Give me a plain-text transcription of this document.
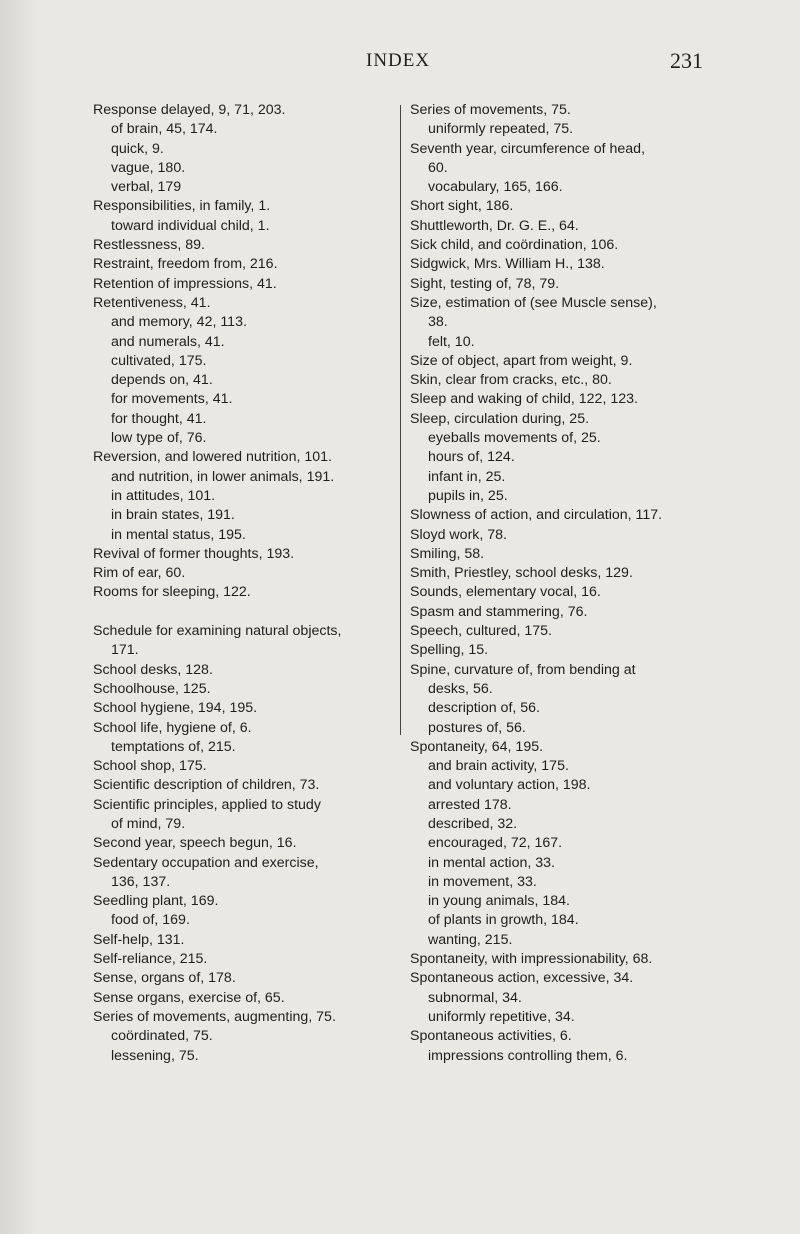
INDEX	231
Response delayed, 9, 71, 203.
of brain, 45, 174.
quick, 9.
vague, 180.
verbal, 179
Responsibilities, in family, 1.
toward individual child, 1.
Restlessness, 89.
Restraint, freedom from, 216.
Retention of impressions, 41.
Retentiveness, 41.
and memory, 42, 113.
and numerals, 41.
cultivated, 175.
depends on, 41.
for movements, 41.
for thought, 41.
low type of, 76.
Reversion, and lowered nutrition, 101.
and nutrition, in lower animals, 191.
in attitudes, 101.
in brain states, 191.
in mental status, 195.
Revival of former thoughts, 193.
Rim of ear, 60.
Rooms for sleeping, 122.
Schedule for examining natural objects,
171.
School desks, 128.
Schoolhouse, 125.
School hygiene, 194, 195.
School life, hygiene of, 6.
temptations of, 215.
School shop, 175.
Scientific description of children, 73.
Scientific principles, applied to study
of mind, 79.
Second year, speech begun, 16.
Sedentary occupation and exercise,
136, 137.
Seedling plant, 169.
food of, 169.
Self-help, 131.
Self-reliance, 215.
Sense, organs of, 178.
Sense organs, exercise of, 65.
Series of movements, augmenting, 75.
coördinated, 75.
lessening, 75.
Series of movements, 75.
uniformly repeated, 75.
Seventh year, circumference of head,
60.
vocabulary, 165, 166.
Short sight, 186.
Shuttleworth, Dr. G. E., 64.
Sick child, and coördination, 106.
Sidgwick, Mrs. William H., 138.
Sight, testing of, 78, 79.
Size, estimation of (see Muscle sense),
38.
felt, 10.
Size of object, apart from weight, 9.
Skin, clear from cracks, etc., 80.
Sleep and waking of child, 122, 123.
Sleep, circulation during, 25.
eyeballs movements of, 25.
hours of, 124.
infant in, 25.
pupils in, 25.
Slowness of action, and circulation, 117.
Sloyd work, 78.
Smiling, 58.
Smith, Priestley, school desks, 129.
Sounds, elementary vocal, 16.
Spasm and stammering, 76.
Speech, cultured, 175.
Spelling, 15.
Spine, curvature of, from bending at
desks, 56.
description of, 56.
postures of, 56.
Spontaneity, 64, 195.
and brain activity, 175.
and voluntary action, 198.
arrested 178.
described, 32.
encouraged, 72, 167.
in mental action, 33.
in movement, 33.
in young animals, 184.
of plants in growth, 184.
wanting, 215.
Spontaneity, with impressionability, 68.
Spontaneous action, excessive, 34.
subnormal, 34.
uniformly repetitive, 34.
Spontaneous activities, 6.
impressions controlling them, 6.
